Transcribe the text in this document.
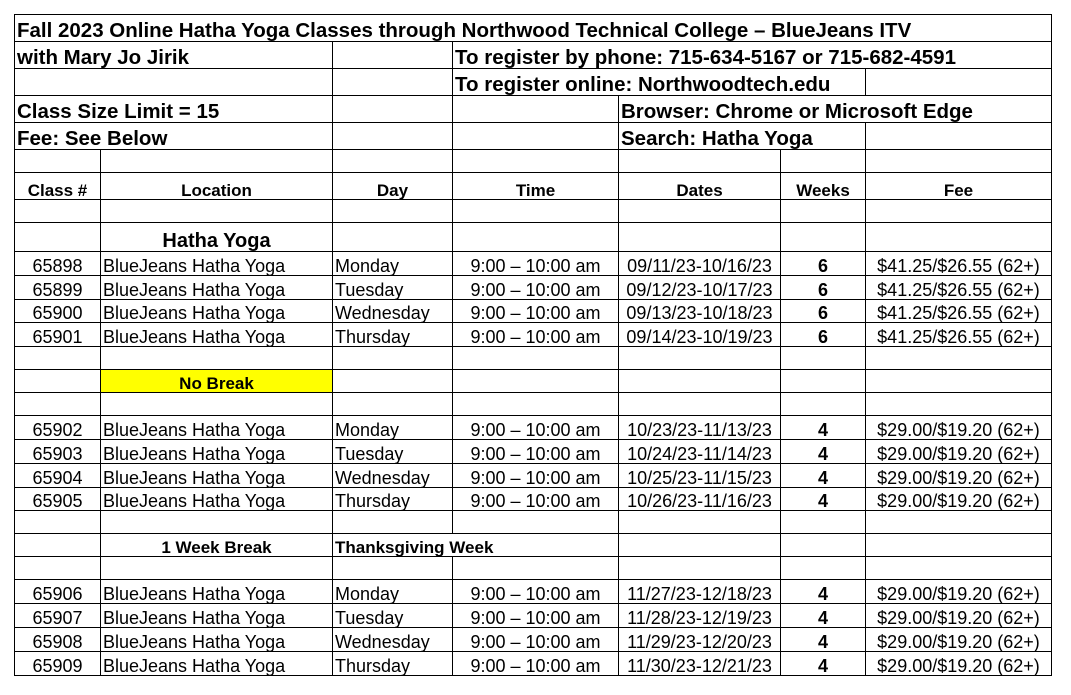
Fall 2023 Online Hatha Yoga Classes through Northwood Technical College – BlueJeans ITV						
with Mary Jo Jirik			To register by phone: 715-634-5167 or 715-682-4591			
			To register online: Northwoodtech.edu			
Class Size Limit = 15				Browser: Chrome or Microsoft Edge		
Fee: See Below				Search: Hatha Yoga		

Class #	Location	Day	Time	Dates	Weeks	Fee

	Hatha Yoga					
65898	BlueJeans Hatha Yoga	Monday	9:00 – 10:00 am	09/11/23-10/16/23	6	$41.25/$26.55 (62+)
65899	BlueJeans Hatha Yoga	Tuesday	9:00 – 10:00 am	09/12/23-10/17/23	6	$41.25/$26.55 (62+)
65900	BlueJeans Hatha Yoga	Wednesday	9:00 – 10:00 am	09/13/23-10/18/23	6	$41.25/$26.55 (62+)
65901	BlueJeans Hatha Yoga	Thursday	9:00 – 10:00 am	09/14/23-10/19/23	6	$41.25/$26.55 (62+)

	No Break					

65902	BlueJeans Hatha Yoga	Monday	9:00 – 10:00 am	10/23/23-11/13/23	4	$29.00/$19.20 (62+)
65903	BlueJeans Hatha Yoga	Tuesday	9:00 – 10:00 am	10/24/23-11/14/23	4	$29.00/$19.20 (62+)
65904	BlueJeans Hatha Yoga	Wednesday	9:00 – 10:00 am	10/25/23-11/15/23	4	$29.00/$19.20 (62+)
65905	BlueJeans Hatha Yoga	Thursday	9:00 – 10:00 am	10/26/23-11/16/23	4	$29.00/$19.20 (62+)

	1 Week Break	Thanksgiving Week				

65906	BlueJeans Hatha Yoga	Monday	9:00 – 10:00 am	11/27/23-12/18/23	4	$29.00/$19.20 (62+)
65907	BlueJeans Hatha Yoga	Tuesday	9:00 – 10:00 am	11/28/23-12/19/23	4	$29.00/$19.20 (62+)
65908	BlueJeans Hatha Yoga	Wednesday	9:00 – 10:00 am	11/29/23-12/20/23	4	$29.00/$19.20 (62+)
65909	BlueJeans Hatha Yoga	Thursday	9:00 – 10:00 am	11/30/23-12/21/23	4	$29.00/$19.20 (62+)
